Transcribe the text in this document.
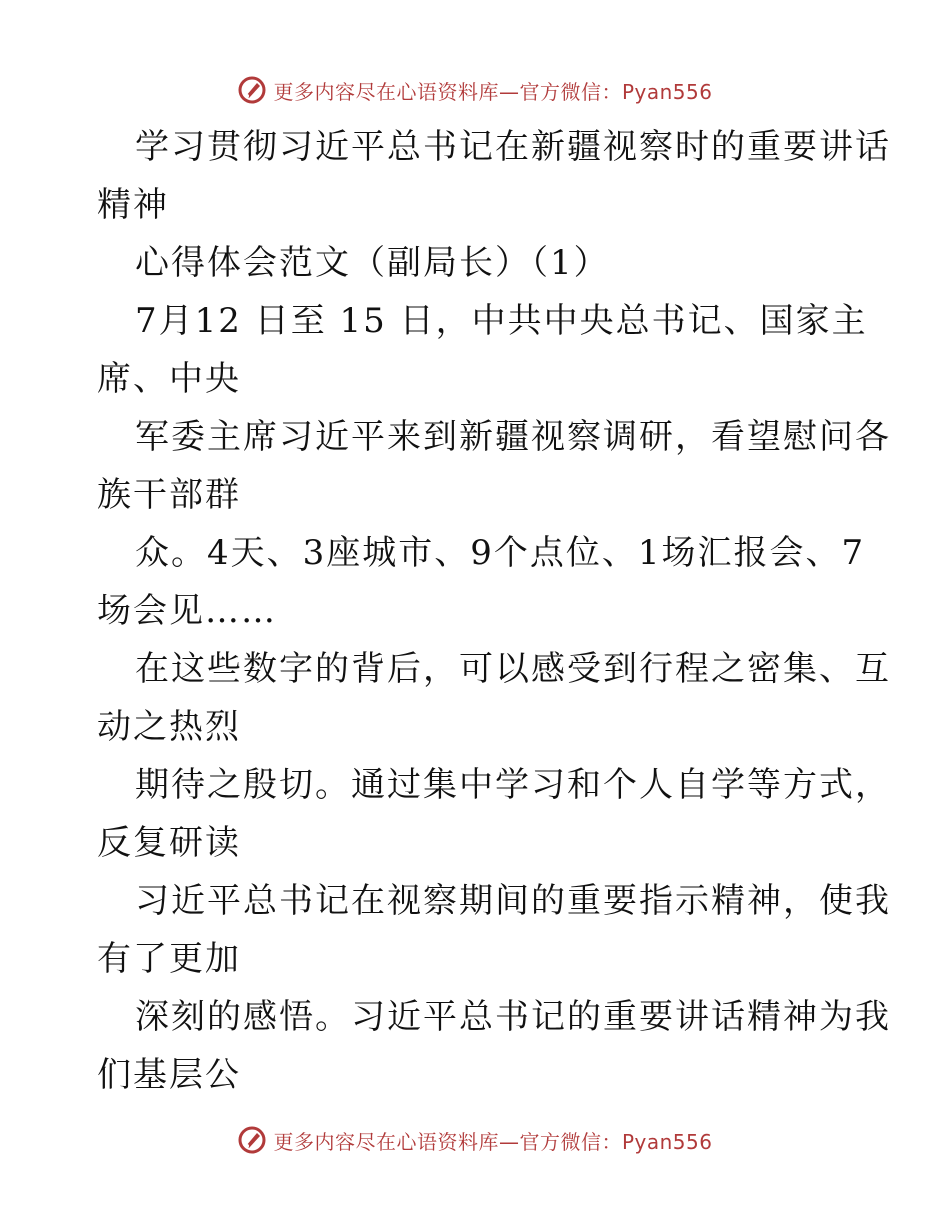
更多内容尽在心语资料库—官方微信：Pyan556
学习贯彻习近平总书记在新疆视察时的重要讲话
精神
心得体会范文（副局长）（1）
7月12 日至 15 日，中共中央总书记、国家主
席、中央
军委主席习近平来到新疆视察调研，看望慰问各
族干部群
众。4天、3座城市、9个点位、1场汇报会、7
场会见……
在这些数字的背后，可以感受到行程之密集、互
动之热烈
期待之殷切。通过集中学习和个人自学等方式，
反复研读
习近平总书记在视察期间的重要指示精神，使我
有了更加
深刻的感悟。习近平总书记的重要讲话精神为我
们基层公
更多内容尽在心语资料库—官方微信：Pyan556
